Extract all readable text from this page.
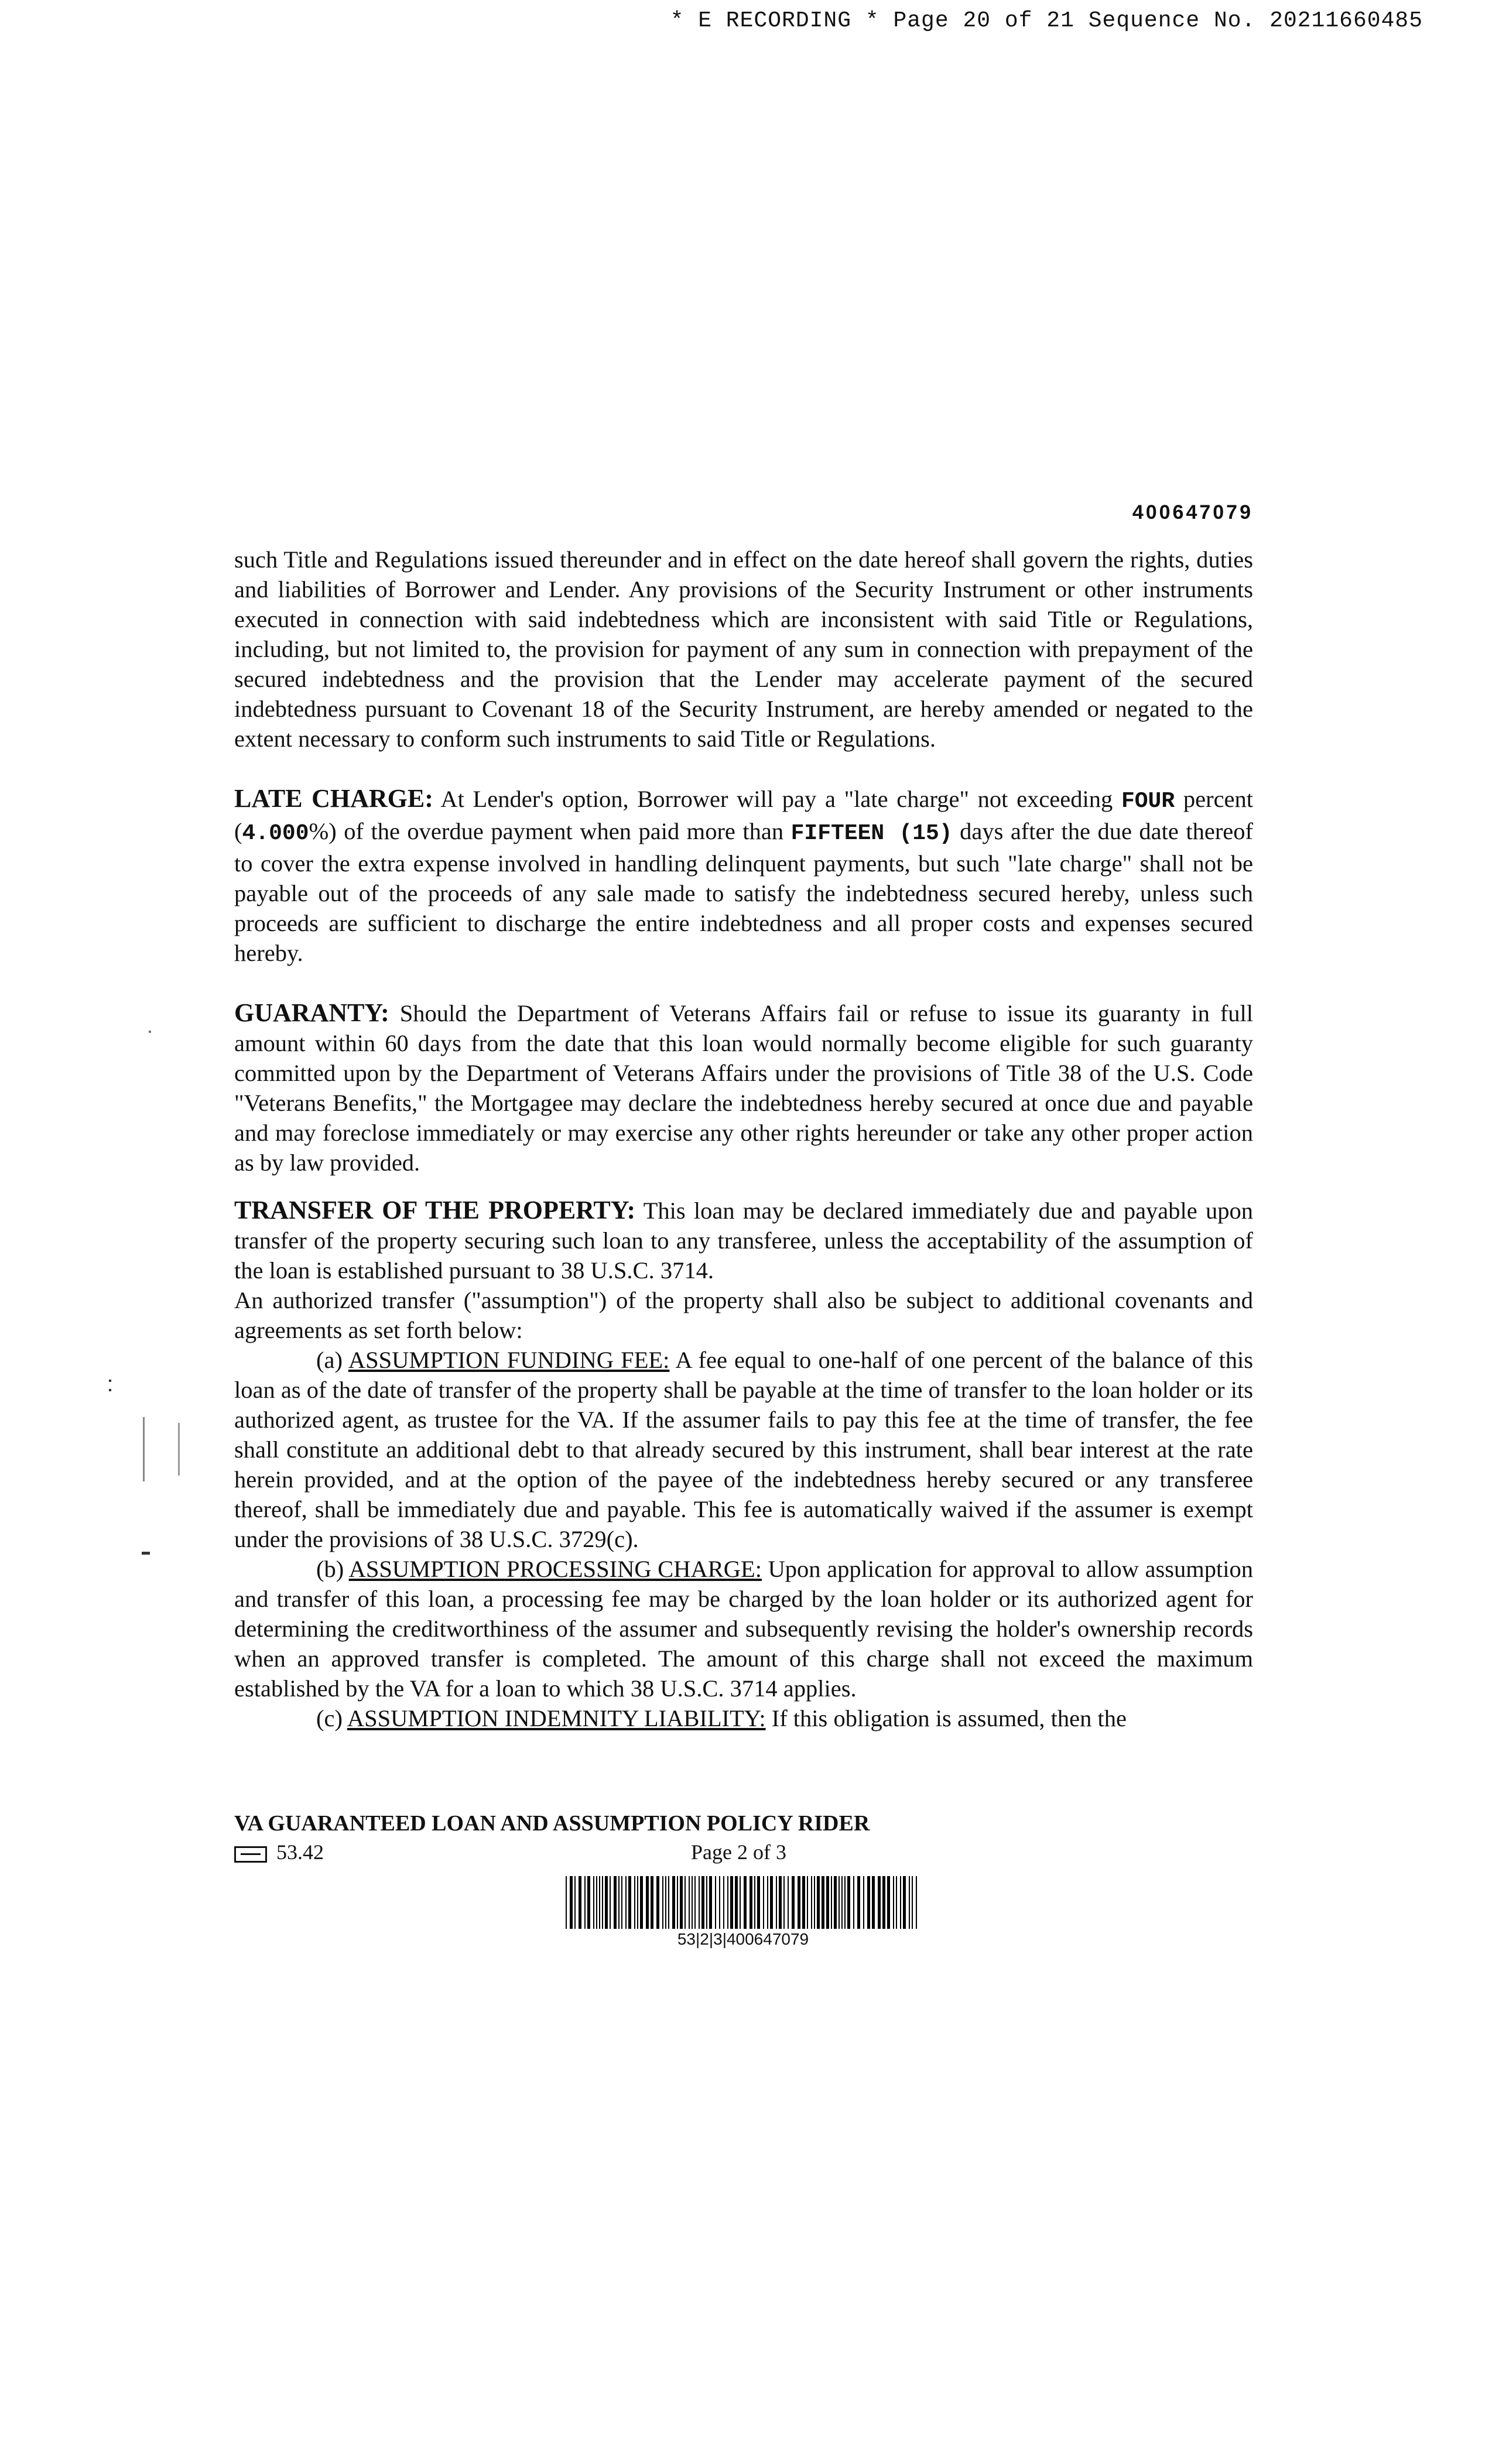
* E RECORDING * Page 20 of 21 Sequence No. 20211660485
400647079

such Title and Regulations issued thereunder and in effect on the date hereof shall govern the rights, duties and liabilities of Borrower and Lender. Any provisions of the Security Instrument or other instruments executed in connection with said indebtedness which are inconsistent with said Title or Regulations, including, but not limited to, the provision for payment of any sum in connection with prepayment of the secured indebtedness and the provision that the Lender may accelerate payment of the secured indebtedness pursuant to Covenant 18 of the Security Instrument, are hereby amended or negated to the extent necessary to conform such instruments to said Title or Regulations.

LATE CHARGE: At Lender's option, Borrower will pay a "late charge" not exceeding FOUR percent (4.000%) of the overdue payment when paid more than FIFTEEN (15) days after the due date thereof to cover the extra expense involved in handling delinquent payments, but such "late charge" shall not be payable out of the proceeds of any sale made to satisfy the indebtedness secured hereby, unless such proceeds are sufficient to discharge the entire indebtedness and all proper costs and expenses secured hereby.

GUARANTY: Should the Department of Veterans Affairs fail or refuse to issue its guaranty in full amount within 60 days from the date that this loan would normally become eligible for such guaranty committed upon by the Department of Veterans Affairs under the provisions of Title 38 of the U.S. Code "Veterans Benefits," the Mortgagee may declare the indebtedness hereby secured at once due and payable and may foreclose immediately or may exercise any other rights hereunder or take any other proper action as by law provided.

TRANSFER OF THE PROPERTY: This loan may be declared immediately due and payable upon transfer of the property securing such loan to any transferee, unless the acceptability of the assumption of the loan is established pursuant to 38 U.S.C. 3714.

An authorized transfer ("assumption") of the property shall also be subject to additional covenants and agreements as set forth below:

(a) ASSUMPTION FUNDING FEE: A fee equal to one-half of one percent of the balance of this loan as of the date of transfer of the property shall be payable at the time of transfer to the loan holder or its authorized agent, as trustee for the VA. If the assumer fails to pay this fee at the time of transfer, the fee shall constitute an additional debt to that already secured by this instrument, shall bear interest at the rate herein provided, and at the option of the payee of the indebtedness hereby secured or any transferee thereof, shall be immediately due and payable. This fee is automatically waived if the assumer is exempt under the provisions of 38 U.S.C. 3729(c).

(b) ASSUMPTION PROCESSING CHARGE: Upon application for approval to allow assumption and transfer of this loan, a processing fee may be charged by the loan holder or its authorized agent for determining the creditworthiness of the assumer and subsequently revising the holder's ownership records when an approved transfer is completed. The amount of this charge shall not exceed the maximum established by the VA for a loan to which 38 U.S.C. 3714 applies.

(c) ASSUMPTION INDEMNITY LIABILITY: If this obligation is assumed, then the

VA GUARANTEED LOAN AND ASSUMPTION POLICY RIDER
53.42	Page 2 of 3
53|2|3|400647079
